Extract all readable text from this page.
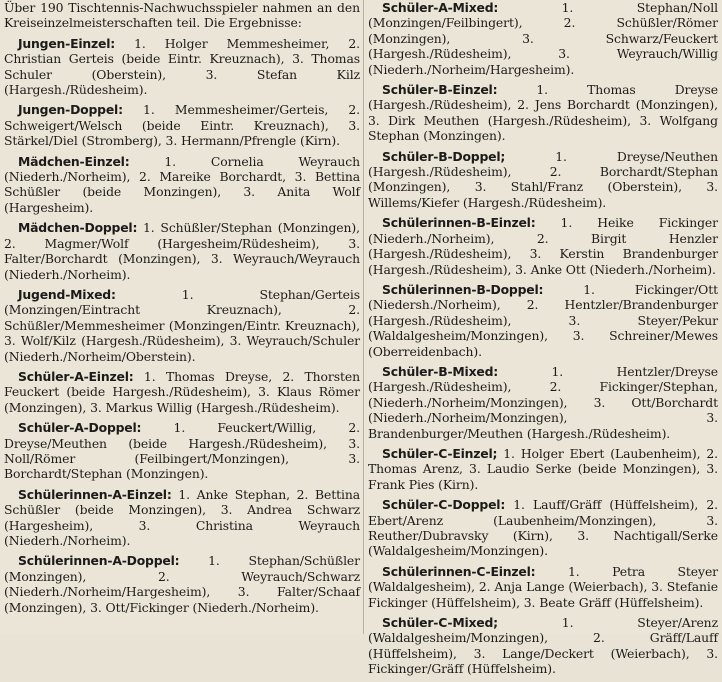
Über 190 Tischtennis-Nachwuchsspieler nahmen an den Kreiseinzelmeisterschaften teil. Die Ergebnisse:

Jungen-Einzel: 1. Holger Memmesheimer, 2. Christian Gerteis (beide Eintr. Kreuznach), 3. Thomas Schuler (Oberstein), 3. Stefan Kilz (Hargesh./Rüdesheim).

Jungen-Doppel: 1. Memmesheimer/Gerteis, 2. Schweigert/Welsch (beide Eintr. Kreuznach), 3. Stärkel/Diel (Stromberg), 3. Hermann/Pfrengle (Kirn).

Mädchen-Einzel: 1. Cornelia Weyrauch (Niederh./Norheim), 2. Mareike Borchardt, 3. Bettina Schüßler (beide Monzingen), 3. Anita Wolf (Hargesheim).

Mädchen-Doppel: 1. Schüßler/Stephan (Monzingen), 2. Magmer/Wolf (Hargesheim/Rüdesheim), 3. Falter/Borchardt (Monzingen), 3. Weyrauch/Weyrauch (Niederh./Norheim).

Jugend-Mixed: 1. Stephan/Gerteis (Monzingen/Eintracht Kreuznach), 2. Schüßler/Memmesheimer (Monzingen/Eintr. Kreuznach), 3. Wolf/Kilz (Hargesh./Rüdesheim), 3. Weyrauch/Schuler (Niederh./Norheim/Oberstein).

Schüler-A-Einzel: 1. Thomas Dreyse, 2. Thorsten Feuckert (beide Hargesh./Rüdesheim), 3. Klaus Römer (Monzingen), 3. Markus Willig (Hargesh./Rüdesheim).

Schüler-A-Doppel: 1. Feuckert/Willig, 2. Dreyse/Meuthen (beide Hargesh./Rüdesheim), 3. Noll/Römer (Feilbingert/Monzingen), 3. Borchardt/Stephan (Monzingen).

Schülerinnen-A-Einzel: 1. Anke Stephan, 2. Bettina Schüßler (beide Monzingen), 3. Andrea Schwarz (Hargesheim), 3. Christina Weyrauch (Niederh./Norheim).

Schülerinnen-A-Doppel: 1. Stephan/Schüßler (Monzingen), 2. Weyrauch/Schwarz (Niederh./Norheim/Hargesheim), 3. Falter/Schaaf (Monzingen), 3. Ott/Fickinger (Niederh./Norheim).

Schüler-A-Mixed: 1. Stephan/Noll (Monzingen/Feilbingert), 2. Schüßler/Römer (Monzingen), 3. Schwarz/Feuckert (Hargesh./Rüdesheim), 3. Weyrauch/Willig (Niederh./Norheim/Hargesheim).

Schüler-B-Einzel: 1. Thomas Dreyse (Hargesh./Rüdesheim), 2. Jens Borchardt (Monzingen), 3. Dirk Meuthen (Hargesh./Rüdesheim), 3. Wolfgang Stephan (Monzingen).

Schüler-B-Doppel; 1. Dreyse/Neuthen (Hargesh./Rüdesheim), 2. Borchardt/Stephan (Monzingen), 3. Stahl/Franz (Oberstein), 3. Willems/Kiefer (Hargesh./Rüdesheim).

Schülerinnen-B-Einzel: 1. Heike Fickinger (Niederh./Norheim), 2. Birgit Henzler (Hargesh./Rüdesheim), 3. Kerstin Brandenburger (Hargesh./Rüdesheim), 3. Anke Ott (Niederh./Norheim).

Schülerinnen-B-Doppel: 1. Fickinger/Ott (Niedersh./Norheim), 2. Hentzler/Brandenburger (Hargesh./Rüdesheim), 3. Steyer/Pekur (Waldalgesheim/Monzingen), 3. Schreiner/Mewes (Oberreidenbach).

Schüler-B-Mixed: 1. Hentzler/Dreyse (Hargesh./Rüdesheim), 2. Fickinger/Stephan, (Niederh./Norheim/Monzingen), 3. Ott/Borchardt (Niederh./Norheim/Monzingen), 3. Brandenburger/Meuthen (Hargesh./Rüdesheim).

Schüler-C-Einzel; 1. Holger Ebert (Laubenheim), 2. Thomas Arenz, 3. Laudio Serke (beide Monzingen), 3. Frank Pies (Kirn).

Schüler-C-Doppel: 1. Lauff/Gräff (Hüffelsheim), 2. Ebert/Arenz (Laubenheim/Monzingen), 3. Reuther/Dubravsky (Kirn), 3. Nachtigall/Serke (Waldalgesheim/Monzingen).

Schülerinnen-C-Einzel: 1. Petra Steyer (Waldalgesheim), 2. Anja Lange (Weierbach), 3. Stefanie Fickinger (Hüffelsheim), 3. Beate Gräff (Hüffelsheim).

Schüler-C-Mixed; 1. Steyer/Arenz (Waldalgesheim/Monzingen), 2. Gräff/Lauff (Hüffelsheim), 3. Lange/Deckert (Weierbach), 3. Fickinger/Gräff (Hüffelsheim).
